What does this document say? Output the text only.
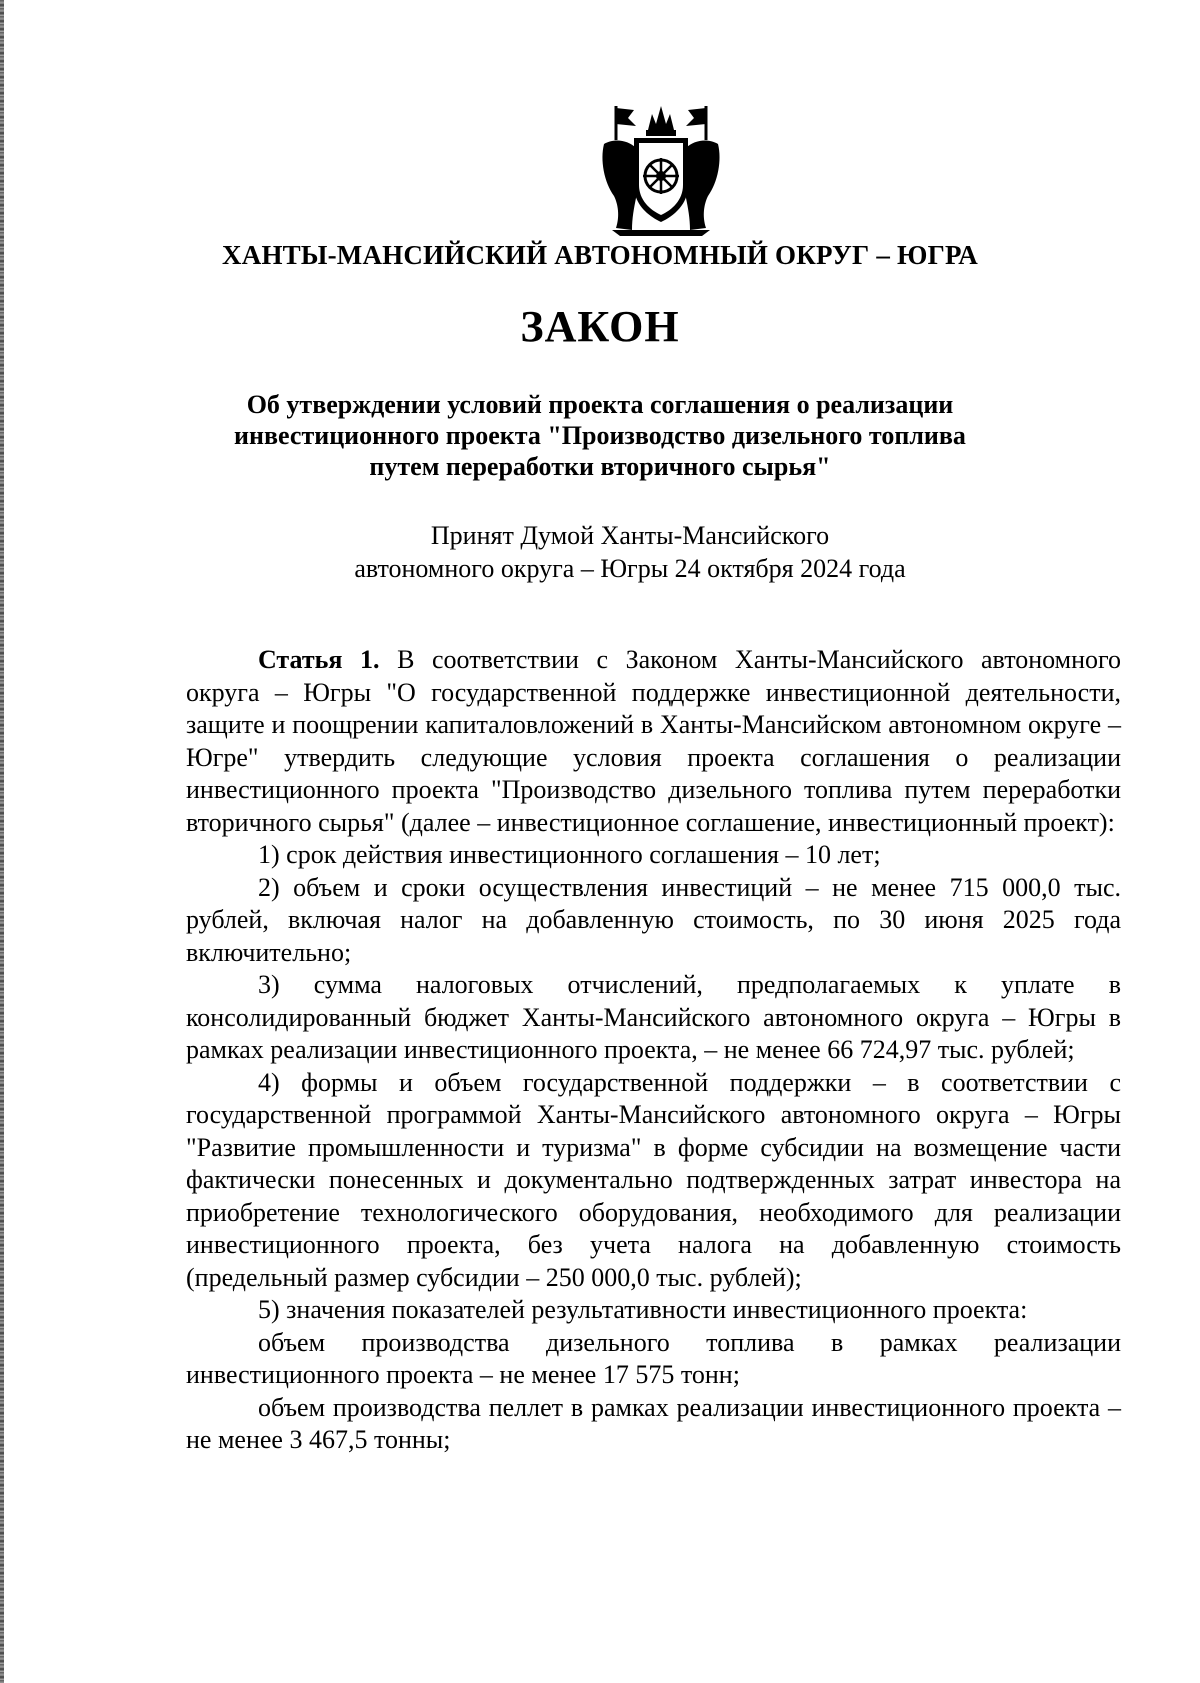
ХАНТЫ-МАНСИЙСКИЙ АВТОНОМНЫЙ ОКРУГ – ЮГРА
ЗАКОН
Об утверждении условий проекта соглашения о реализации
инвестиционного проекта "Производство дизельного топлива
путем переработки вторичного сырья"
Принят Думой Ханты-Мансийского
автономного округа – Югры 24 октября 2024 года

Статья 1. В соответствии с Законом Ханты-Мансийского автономного округа – Югры "О государственной поддержке инвестиционной деятельности, защите и поощрении капиталовложений в Ханты-Мансийском автономном округе – Югре" утвердить следующие условия проекта соглашения о реализации инвестиционного проекта "Производство дизельного топлива путем переработки вторичного сырья" (далее – инвестиционное соглашение, инвестиционный проект):

1) срок действия инвестиционного соглашения – 10 лет;

2) объем и сроки осуществления инвестиций – не менее 715 000,0 тыс. рублей, включая налог на добавленную стоимость, по 30 июня 2025 года включительно;

3) сумма налоговых отчислений, предполагаемых к уплате в консолидированный бюджет Ханты-Мансийского автономного округа – Югры в рамках реализации инвестиционного проекта, – не менее 66 724,97 тыс. рублей;

4) формы и объем государственной поддержки – в соответствии с государственной программой Ханты-Мансийского автономного округа – Югры "Развитие промышленности и туризма" в форме субсидии на возмещение части фактически понесенных и документально подтвержденных затрат инвестора на приобретение технологического оборудования, необходимого для реализации инвестиционного проекта, без учета налога на добавленную стоимость (предельный размер субсидии – 250 000,0 тыс. рублей);

5) значения показателей результативности инвестиционного проекта:

объем производства дизельного топлива в рамках реализации инвестиционного проекта – не менее 17 575 тонн;

объем производства пеллет в рамках реализации инвестиционного проекта – не менее 3 467,5 тонны;
